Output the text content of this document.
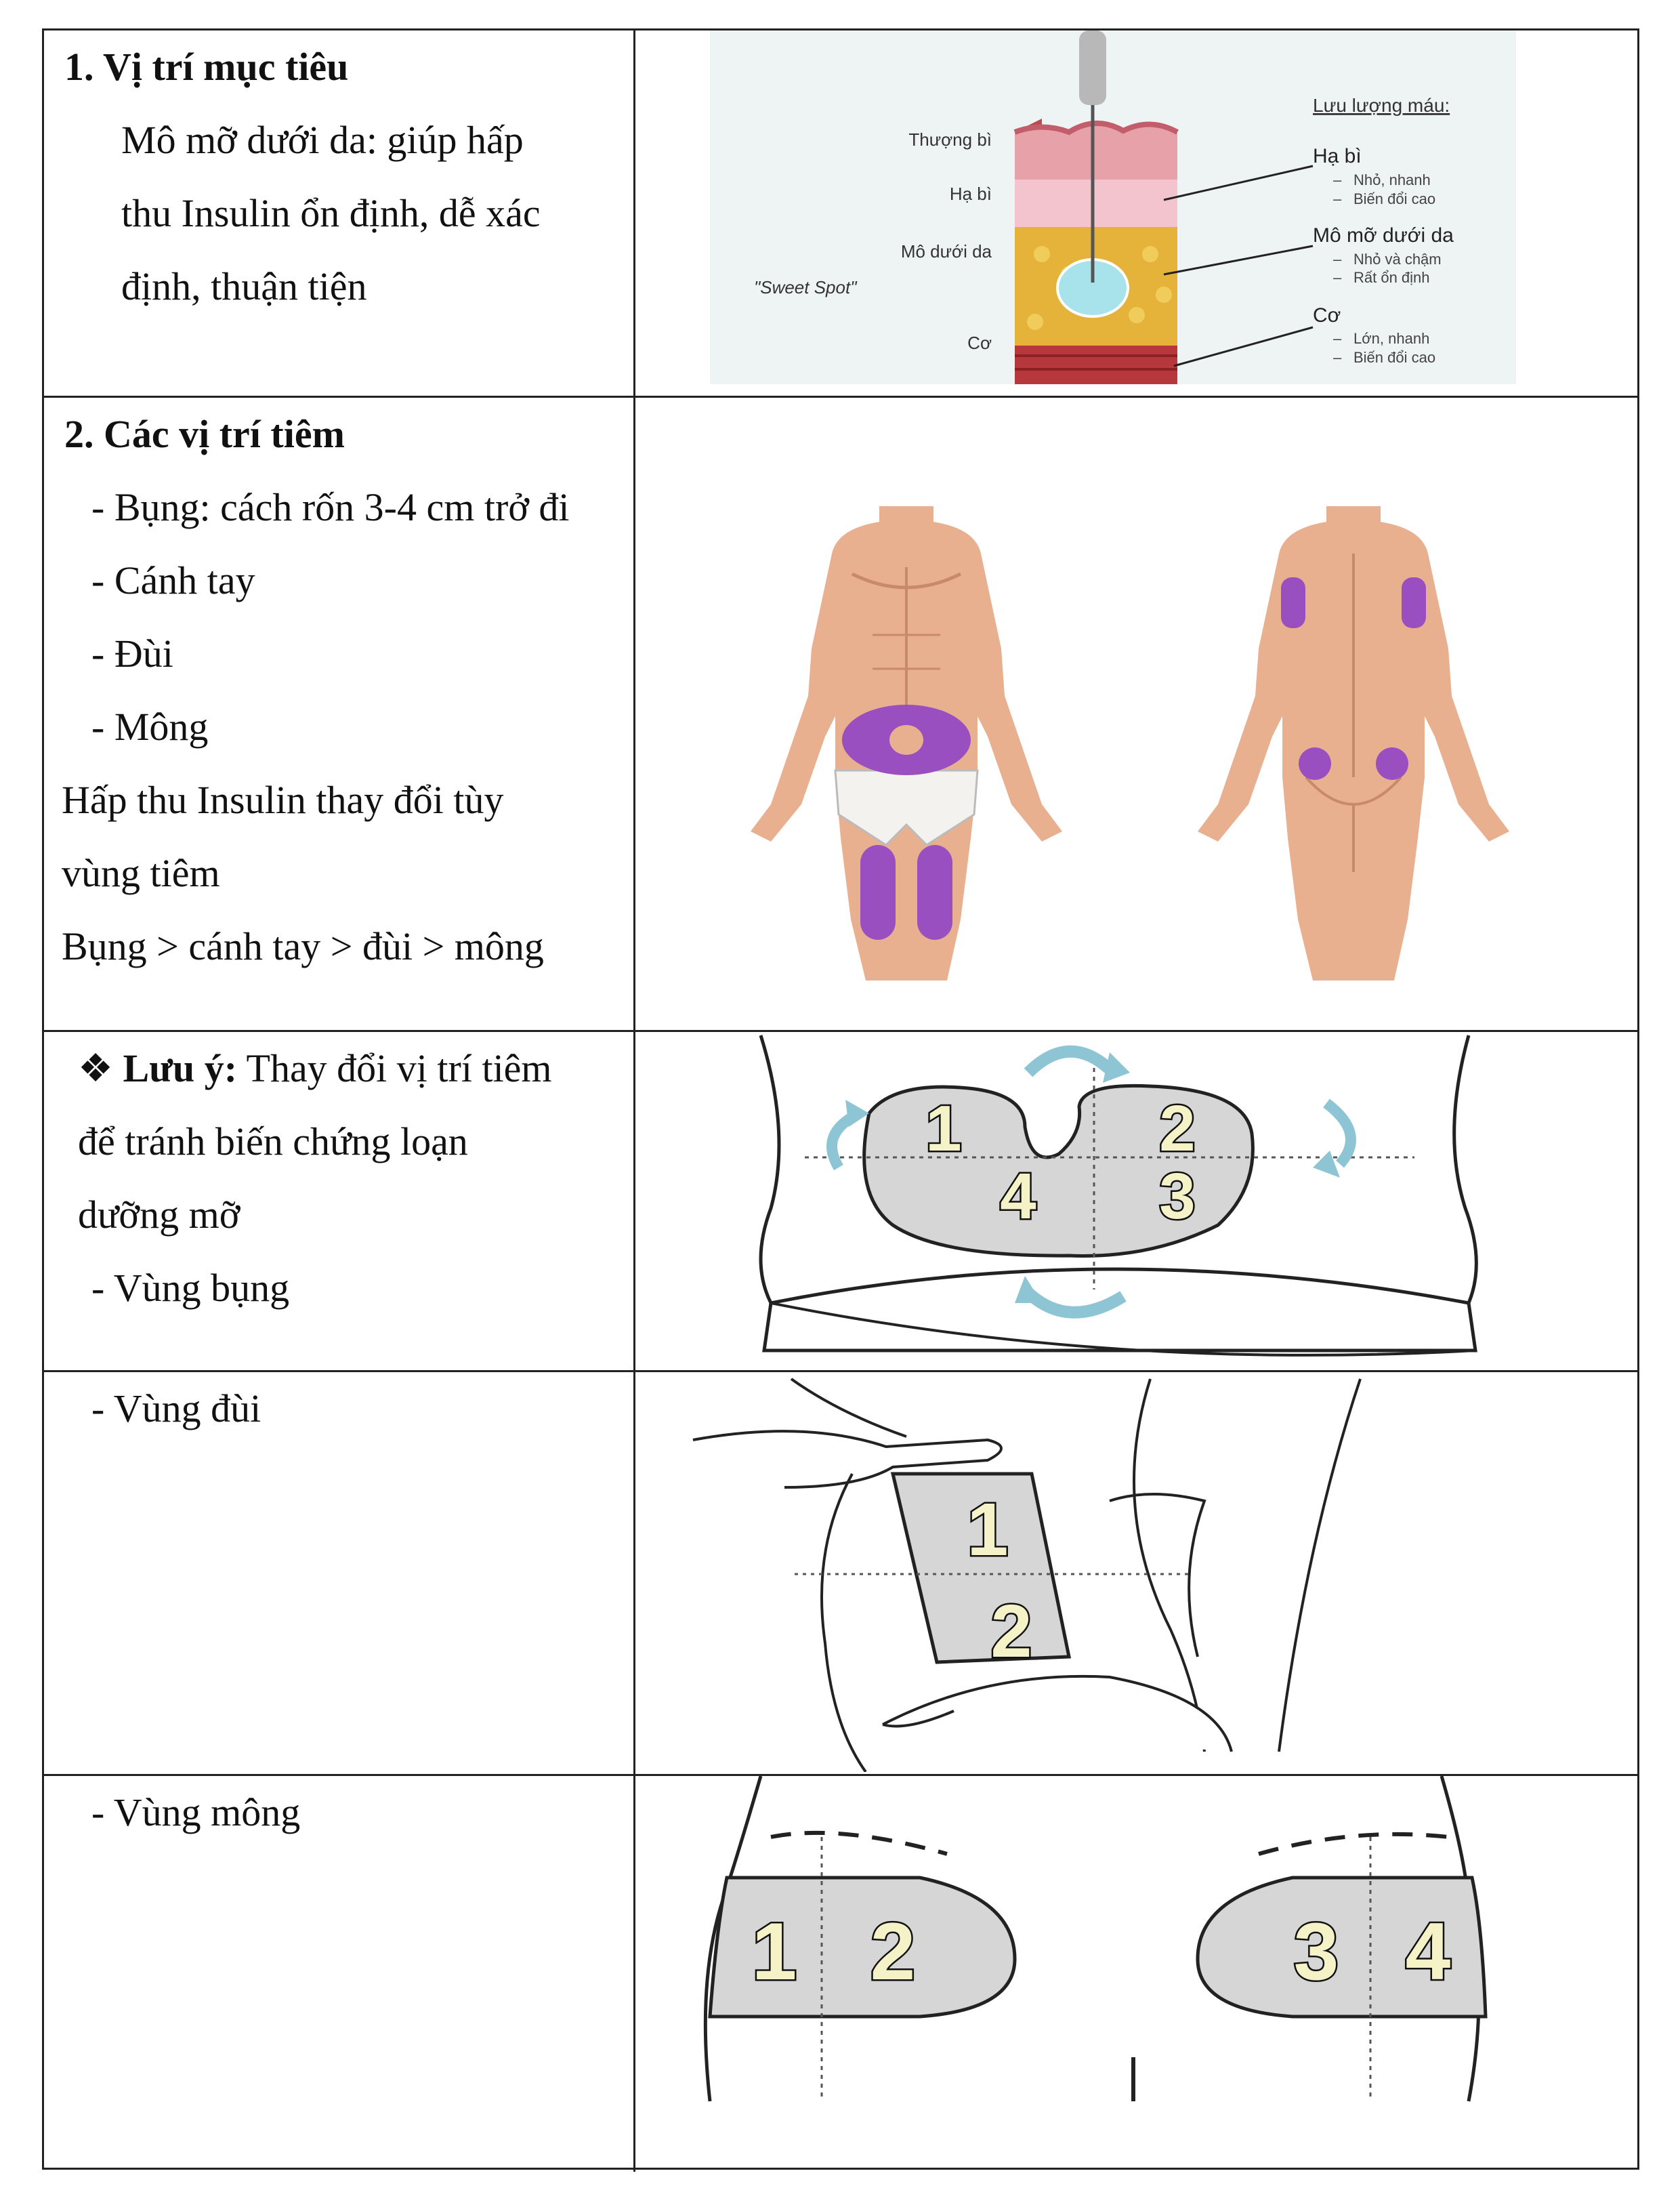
1. Vị trí mục tiêu
Mô mỡ dưới da: giúp hấp
thu Insulin ổn định, dễ xác
định, thuận tiện
Thượng bì
Hạ bì
Mô dưới da
"Sweet Spot"
Cơ
Lưu lượng máu:
Hạ bì
– Nhỏ, nhanh
– Biến đổi cao
Mô mỡ dưới da
– Nhỏ và chậm
– Rất ổn định
Cơ
– Lớn, nhanh
– Biến đổi cao
2. Các vị trí tiêm
- Bụng: cách rốn 3-4 cm trở đi
- Cánh tay
- Đùi
- Mông
Hấp thu Insulin thay đổi tùy
vùng tiêm
Bụng > cánh tay > đùi > mông
❖ Lưu ý: Thay đổi vị trí tiêm
để tránh biến chứng loạn
dưỡng mỡ
- Vùng bụng
1	2
3
4
- Vùng đùi
1
2
- Vùng mông
1 2	3 4
